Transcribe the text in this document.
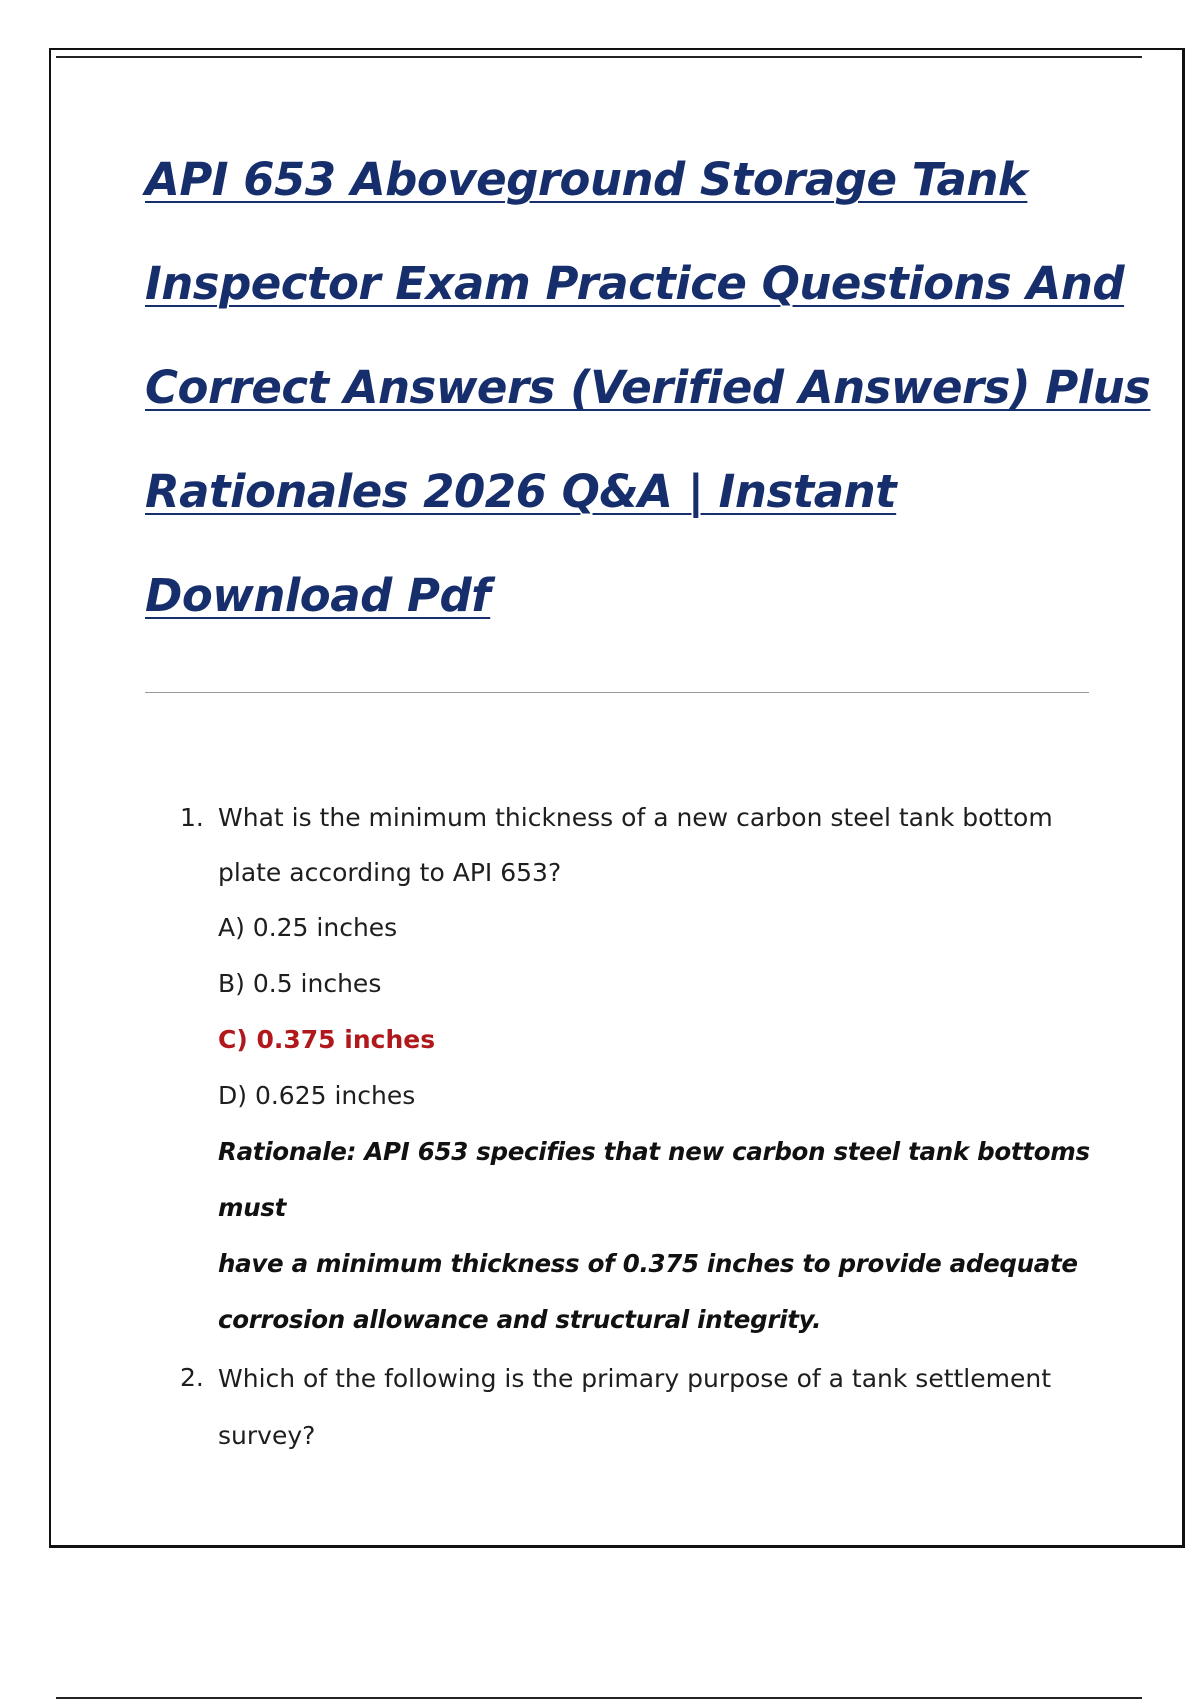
API 653 Aboveground Storage Tank

Inspector Exam Practice Questions And

Correct Answers (Verified Answers) Plus

Rationales 2026 Q&A | Instant

Download Pdf

1. What is the minimum thickness of a new carbon steel tank bottom

plate according to API 653?

A) 0.25 inches

B) 0.5 inches

C) 0.375 inches

D) 0.625 inches

Rationale: API 653 specifies that new carbon steel tank bottoms must

have a minimum thickness of 0.375 inches to provide adequate

corrosion allowance and structural integrity.

2. Which of the following is the primary purpose of a tank settlement

survey?
